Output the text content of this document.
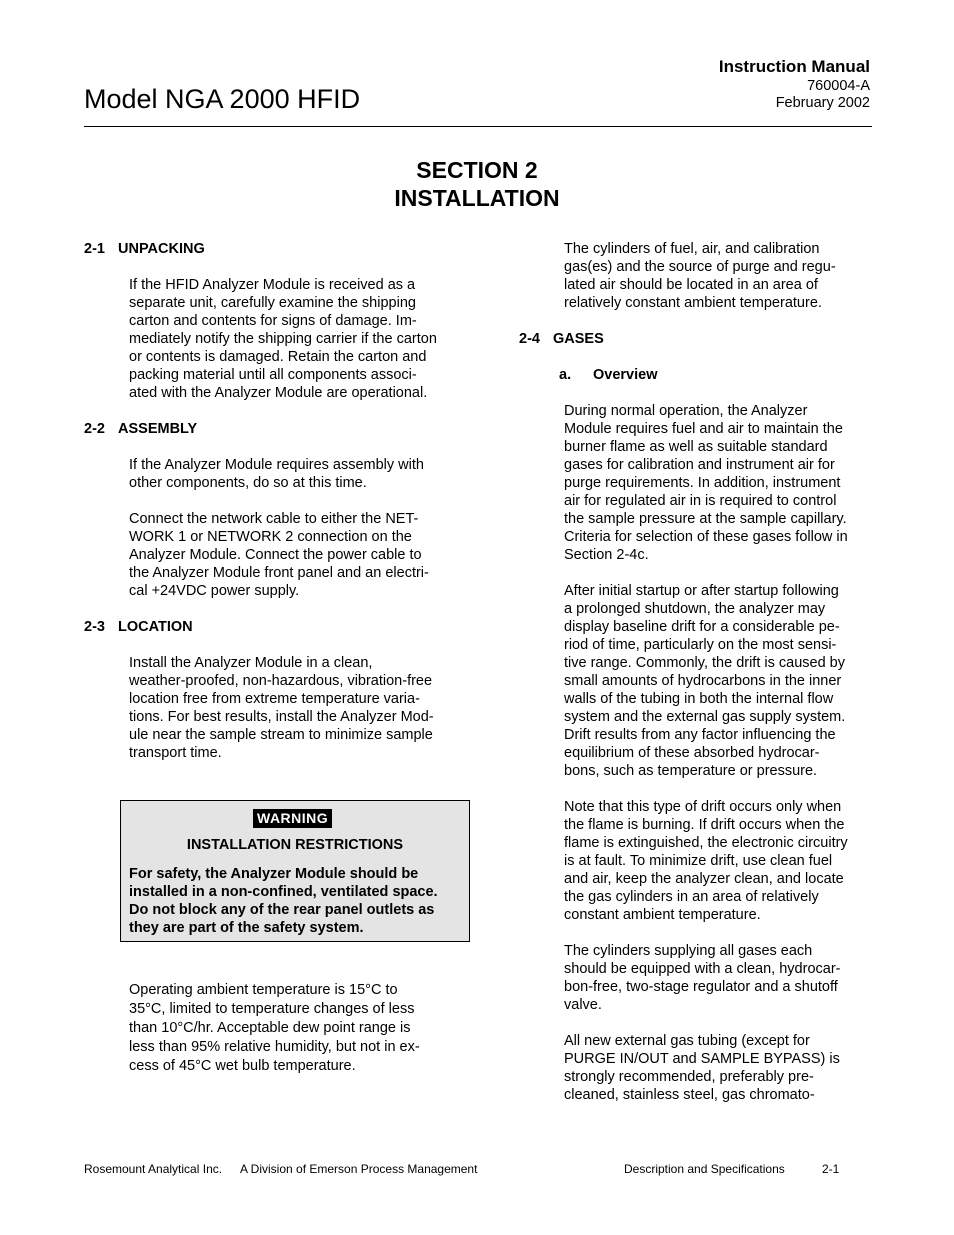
Model NGA 2000 HFID
Instruction Manual
760004-A
February 2002
SECTION 2
INSTALLATION

2-1 UNPACKING

If the HFID Analyzer Module is received as a

separate unit, carefully examine the shipping

carton and contents for signs of damage. Im-

mediately notify the shipping carrier if the carton

or contents is damaged. Retain the carton and

packing material until all components associ-

ated with the Analyzer Module are operational.

2-2 ASSEMBLY

If the Analyzer Module requires assembly with

other components, do so at this time.

Connect the network cable to either the NET-

WORK 1 or NETWORK 2 connection on the

Analyzer Module. Connect the power cable to

the Analyzer Module front panel and an electri-

cal +24VDC power supply.

2-3 LOCATION

Install the Analyzer Module in a clean,

weather-proofed, non-hazardous, vibration-free

location free from extreme temperature varia-

tions. For best results, install the Analyzer Mod-

ule near the sample stream to minimize sample

transport time.

WARNING
INSTALLATION RESTRICTIONS

For safety, the Analyzer Module should be

installed in a non-confined, ventilated space.

Do not block any of the rear panel outlets as

they are part of the safety system.

Operating ambient temperature is 15°C to

35°C, limited to temperature changes of less

than 10°C/hr. Acceptable dew point range is

less than 95% relative humidity, but not in ex-

cess of 45°C wet bulb temperature.

The cylinders of fuel, air, and calibration

gas(es) and the source of purge and regu-

lated air should be located in an area of

relatively constant ambient temperature.

2-4 GASES

a. Overview

During normal operation, the Analyzer

Module requires fuel and air to maintain the

burner flame as well as suitable standard

gases for calibration and instrument air for

purge requirements. In addition, instrument

air for regulated air in is required to control

the sample pressure at the sample capillary.

Criteria for selection of these gases follow in

Section 2-4c.

After initial startup or after startup following

a prolonged shutdown, the analyzer may

display baseline drift for a considerable pe-

riod of time, particularly on the most sensi-

tive range. Commonly, the drift is caused by

small amounts of hydrocarbons in the inner

walls of the tubing in both the internal flow

system and the external gas supply system.

Drift results from any factor influencing the

equilibrium of these absorbed hydrocar-

bons, such as temperature or pressure.

Note that this type of drift occurs only when

the flame is burning. If drift occurs when the

flame is extinguished, the electronic circuitry

is at fault. To minimize drift, use clean fuel

and air, keep the analyzer clean, and locate

the gas cylinders in an area of relatively

constant ambient temperature.

The cylinders supplying all gases each

should be equipped with a clean, hydrocar-

bon-free, two-stage regulator and a shutoff

valve.

All new external gas tubing (except for

PURGE IN/OUT and SAMPLE BYPASS) is

strongly recommended, preferably pre-

cleaned, stainless steel, gas chromato-

Rosemount Analytical Inc. A Division of Emerson Process Management	Description and Specifications	2-1
